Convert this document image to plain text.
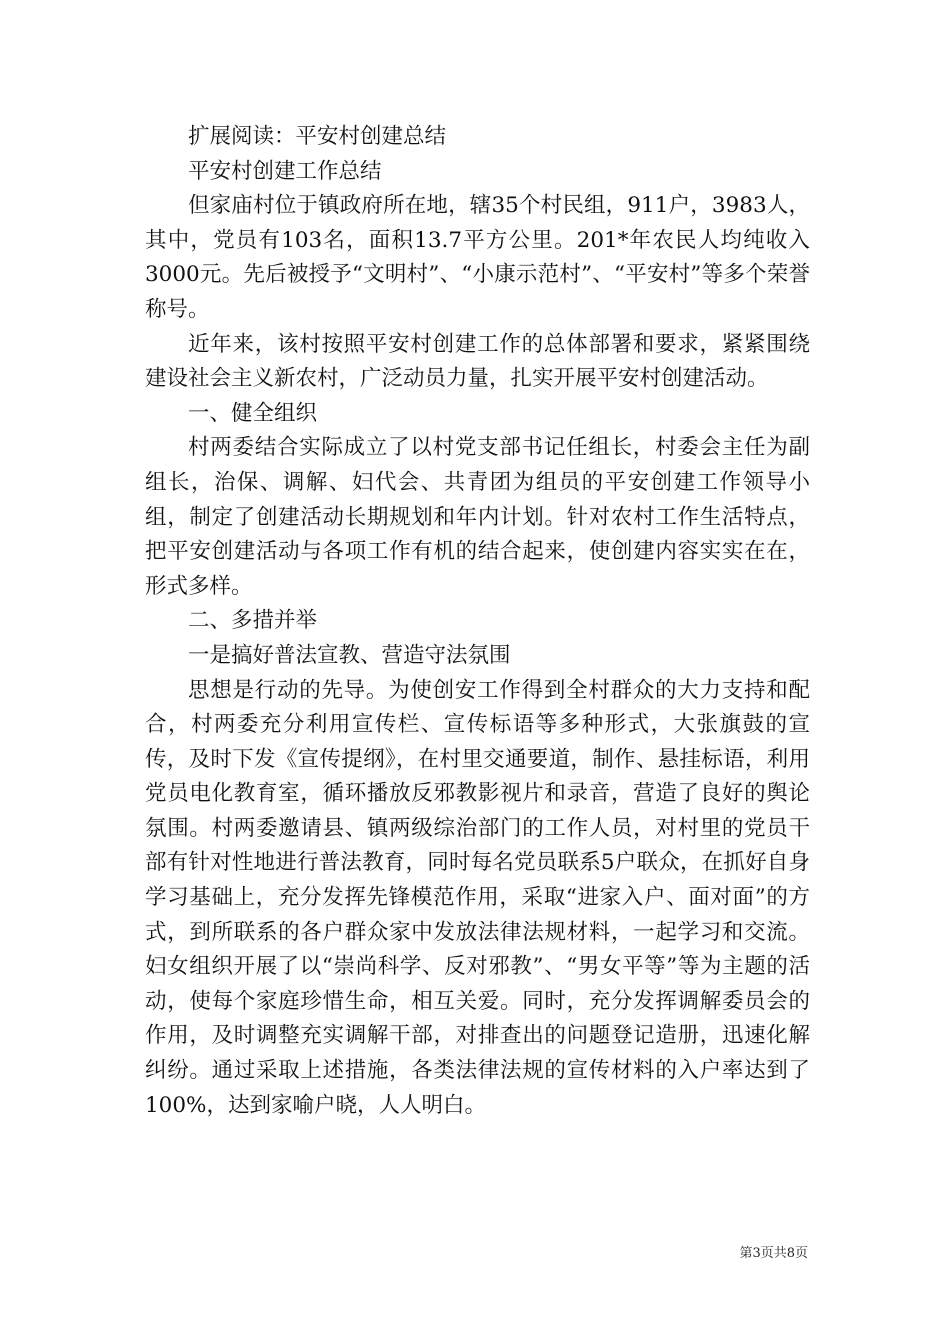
扩展阅读：平安村创建总结

平安村创建工作总结

但家庙村位于镇政府所在地，辖35个村民组，911户，3983人，其中，党员有103名，面积13.7平方公里。201*年农民人均纯收入3000元。先后被授予“文明村”、“小康示范村”、“平安村”等多个荣誉称号。

近年来，该村按照平安村创建工作的总体部署和要求，紧紧围绕建设社会主义新农村，广泛动员力量，扎实开展平安村创建活动。

一、健全组织

村两委结合实际成立了以村党支部书记任组长，村委会主任为副组长，治保、调解、妇代会、共青团为组员的平安创建工作领导小组，制定了创建活动长期规划和年内计划。针对农村工作生活特点，把平安创建活动与各项工作有机的结合起来，使创建内容实实在在，形式多样。

二、多措并举

一是搞好普法宣教、营造守法氛围

思想是行动的先导。为使创安工作得到全村群众的大力支持和配合，村两委充分利用宣传栏、宣传标语等多种形式，大张旗鼓的宣传，及时下发《宣传提纲》，在村里交通要道，制作、悬挂标语，利用党员电化教育室，循环播放反邪教影视片和录音，营造了良好的舆论氛围。村两委邀请县、镇两级综治部门的工作人员，对村里的党员干部有针对性地进行普法教育，同时每名党员联系5户联众，在抓好自身学习基础上，充分发挥先锋模范作用，采取“进家入户、面对面”的方式，到所联系的各户群众家中发放法律法规材料，一起学习和交流。妇女组织开展了以“崇尚科学、反对邪教”、“男女平等”等为主题的活动，使每个家庭珍惜生命，相互关爱。同时，充分发挥调解委员会的作用，及时调整充实调解干部，对排查出的问题登记造册，迅速化解纠纷。通过采取上述措施，各类法律法规的宣传材料的入户率达到了100%，达到家喻户晓，人人明白。

第3页共8页
